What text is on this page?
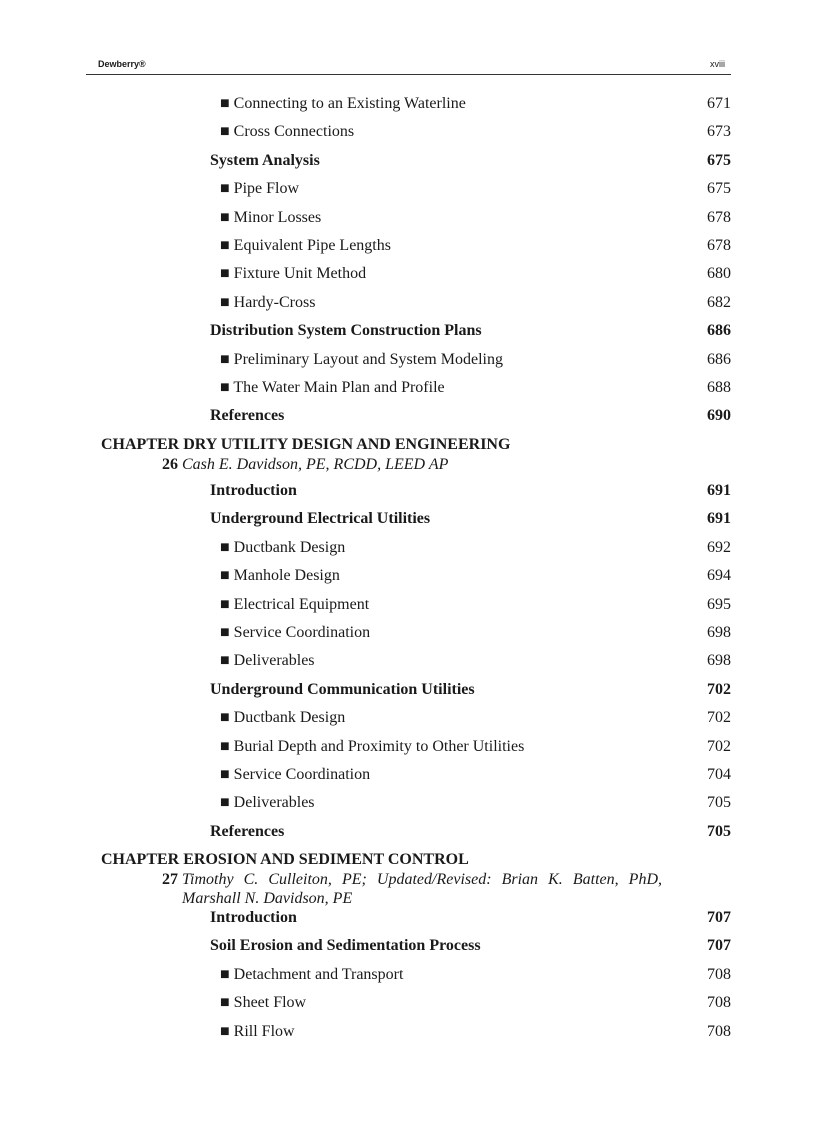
Dewberry®	xviii
■ Connecting to an Existing Waterline	671
■ Cross Connections	673
System Analysis	675
■ Pipe Flow	675
■ Minor Losses	678
■ Equivalent Pipe Lengths	678
■ Fixture Unit Method	680
■ Hardy-Cross	682
Distribution System Construction Plans	686
■ Preliminary Layout and System Modeling	686
■ The Water Main Plan and Profile	688
References	690
CHAPTER DRY UTILITY DESIGN AND ENGINEERING
26 Cash E. Davidson, PE, RCDD, LEED AP
Introduction	691
Underground Electrical Utilities	691
■ Ductbank Design	692
■ Manhole Design	694
■ Electrical Equipment	695
■ Service Coordination	698
■ Deliverables	698
Underground Communication Utilities	702
■ Ductbank Design	702
■ Burial Depth and Proximity to Other Utilities	702
■ Service Coordination	704
■ Deliverables	705
References	705
CHAPTER EROSION AND SEDIMENT CONTROL
27 Timothy C. Culleiton, PE; Updated/Revised: Brian K. Batten, PhD,
Marshall N. Davidson, PE
Introduction	707
Soil Erosion and Sedimentation Process	707
■ Detachment and Transport	708
■ Sheet Flow	708
■ Rill Flow	708
